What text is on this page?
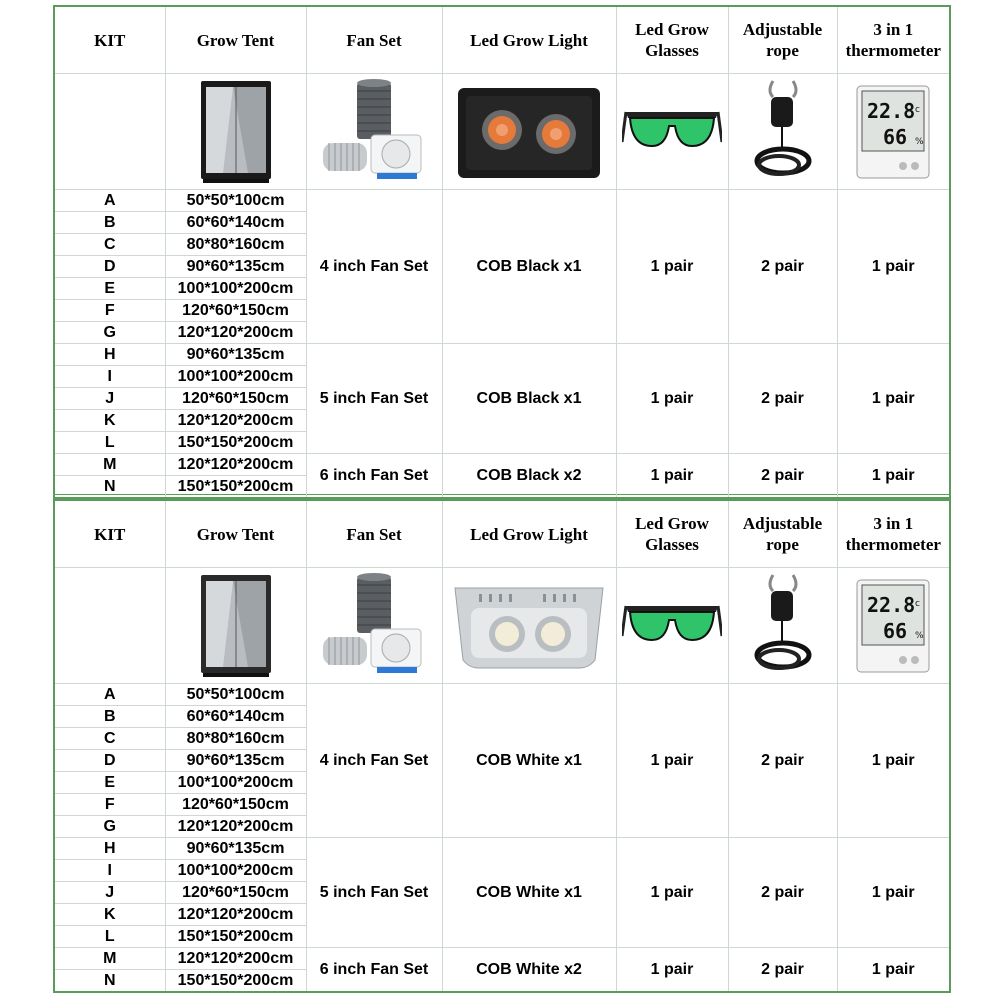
KIT	Grow Tent	Fan Set	Led Grow Light	Led Grow Glasses	Adjustable rope	3 in 1 thermometer

22.8 c
66 %

A	50*50*100cm	4 inch Fan Set	COB Black x1	1 pair	2 pair	1 pair
B	60*60*140cm					
C	80*80*160cm					
D	90*60*135cm					
E	100*100*200cm					
F	120*60*150cm					
G	120*120*200cm					
H	90*60*135cm	5 inch Fan Set	COB Black x1	1 pair	2 pair	1 pair
I	100*100*200cm					
J	120*60*150cm					
K	120*120*200cm					
L	150*150*200cm					
M	120*120*200cm	6 inch Fan Set	COB Black x2	1 pair	2 pair	1 pair
N	150*150*200cm					
KIT	Grow Tent	Fan Set	Led Grow Light	Led Grow Glasses	Adjustable rope	3 in 1 thermometer

22.8 c
66 %

A	50*50*100cm	4 inch Fan Set	COB White x1	1 pair	2 pair	1 pair
B	60*60*140cm					
C	80*80*160cm					
D	90*60*135cm					
E	100*100*200cm					
F	120*60*150cm					
G	120*120*200cm					
H	90*60*135cm	5 inch Fan Set	COB White x1	1 pair	2 pair	1 pair
I	100*100*200cm					
J	120*60*150cm					
K	120*120*200cm					
L	150*150*200cm					
M	120*120*200cm	6 inch Fan Set	COB White x2	1 pair	2 pair	1 pair
N	150*150*200cm					
